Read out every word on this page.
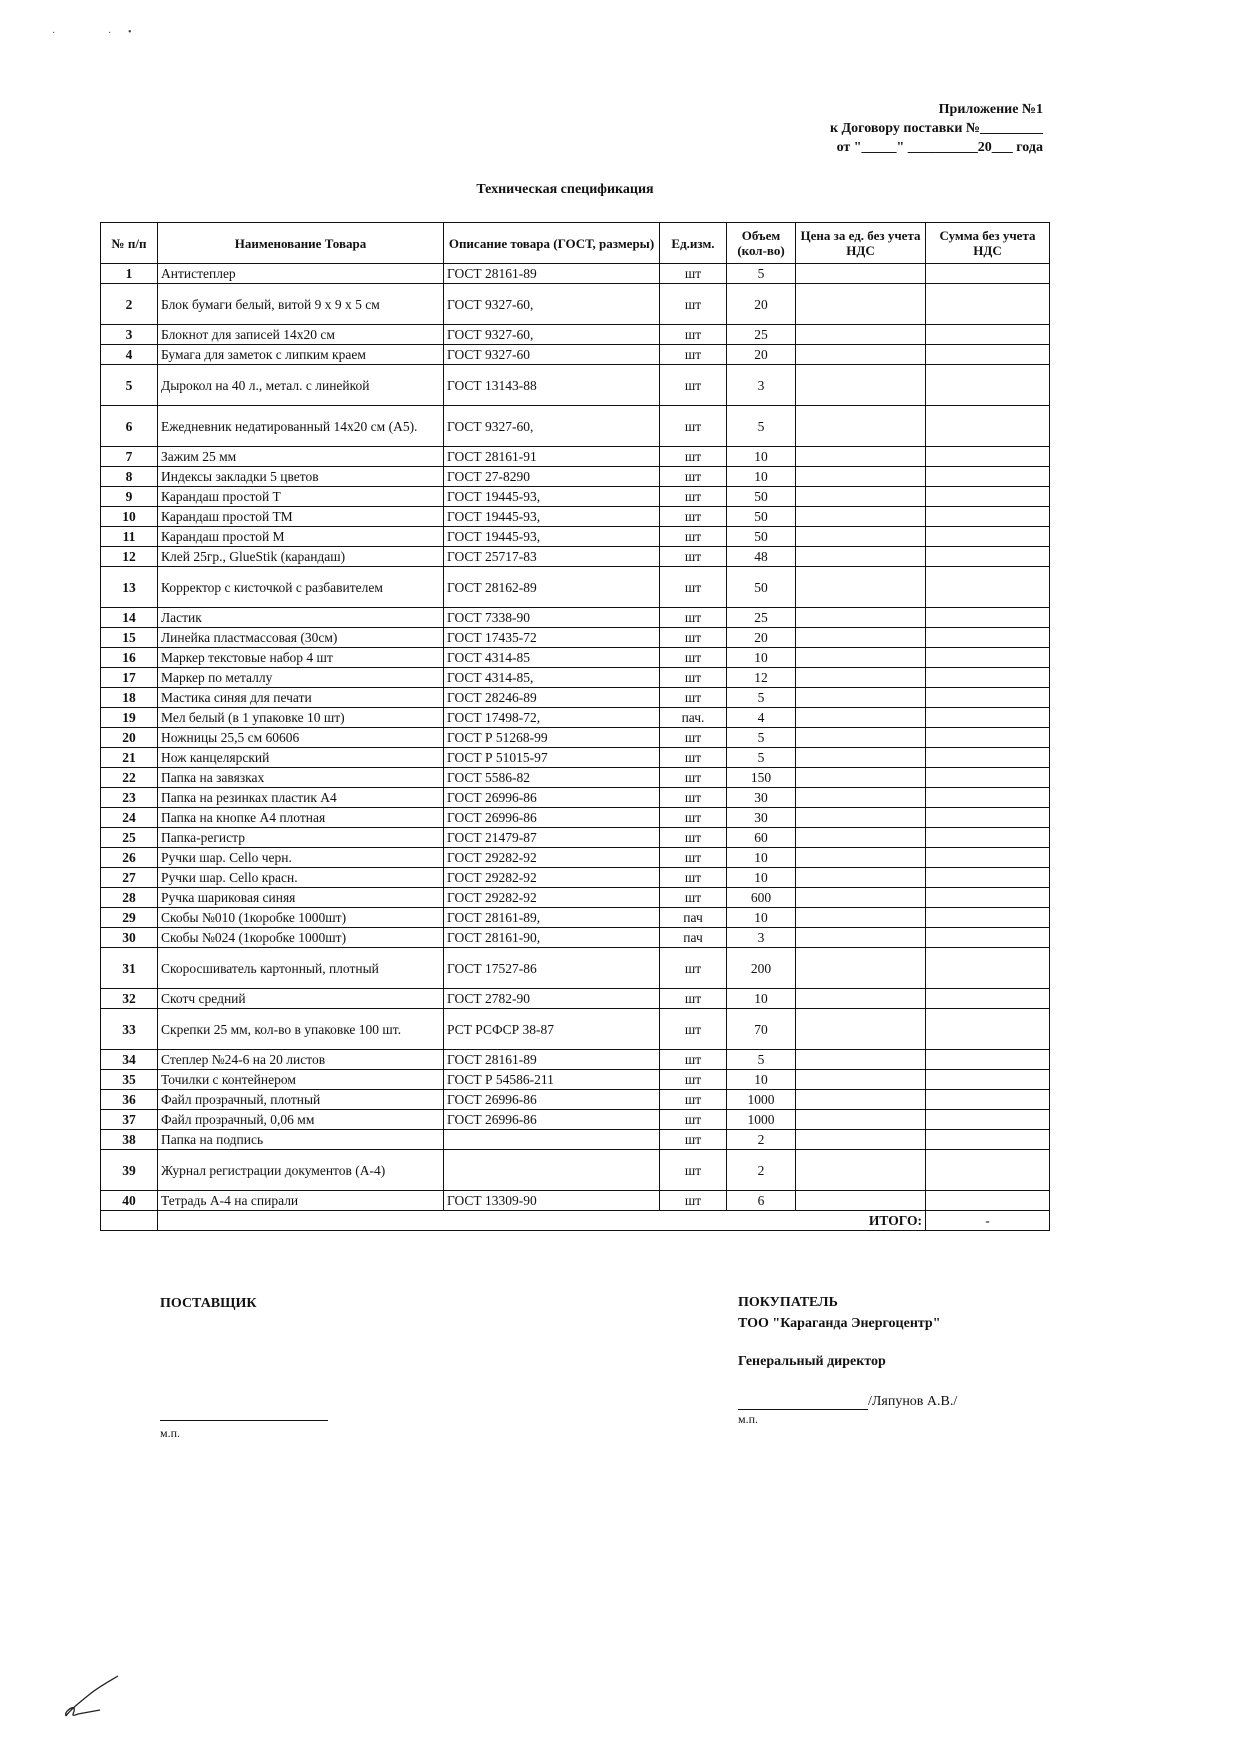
Приложение №1
к Договору поставки №_________
от "_____" __________20___ года
Техническая спецификация
№ п/п	Наименование Товара	Описание товара (ГОСТ, размеры)	Ед.изм.	Объем (кол-во)	Цена за ед. без учета НДС	Сумма без учета НДС
1	Антистеплер	ГОСТ 28161-89	шт	5		
2	Блок бумаги белый, витой 9 х 9 х 5 см	ГОСТ 9327-60,	шт	20		
3	Блокнот для записей 14х20 см	ГОСТ 9327-60,	шт	25		
4	Бумага для заметок с липким краем	ГОСТ 9327-60	шт	20		
5	Дырокол на 40 л., метал. с линейкой	ГОСТ 13143-88	шт	3		
6	Ежедневник недатированный 14х20 см (А5).	ГОСТ 9327-60,	шт	5		
7	Зажим 25 мм	ГОСТ 28161-91	шт	10		
8	Индексы закладки 5 цветов	ГОСТ 27-8290	шт	10		
9	Карандаш простой Т	ГОСТ 19445-93,	шт	50		
10	Карандаш простой ТМ	ГОСТ 19445-93,	шт	50		
11	Карандаш простой М	ГОСТ 19445-93,	шт	50		
12	Клей 25гр., GlueStik (карандаш)	ГОСТ 25717-83	шт	48		
13	Корректор с кисточкой с разбавителем	ГОСТ 28162-89	шт	50		
14	Ластик	ГОСТ 7338-90	шт	25		
15	Линейка пластмассовая (30см)	ГОСТ 17435-72	шт	20		
16	Маркер текстовые набор 4 шт	ГОСТ 4314-85	шт	10		
17	Маркер по металлу	ГОСТ 4314-85,	шт	12		
18	Мастика синяя для печати	ГОСТ 28246-89	шт	5		
19	Мел белый (в 1 упаковке 10 шт)	ГОСТ 17498-72,	пач.	4		
20	Ножницы 25,5 см 60606	ГОСТ Р 51268-99	шт	5		
21	Нож канцелярский	ГОСТ Р 51015-97	шт	5		
22	Папка на завязках	ГОСТ 5586-82	шт	150		
23	Папка на резинках пластик А4	ГОСТ 26996-86	шт	30		
24	Папка на кнопке А4 плотная	ГОСТ 26996-86	шт	30		
25	Папка-регистр	ГОСТ 21479-87	шт	60		
26	Ручки шар. Cello черн.	ГОСТ 29282-92	шт	10		
27	Ручки шар. Cello красн.	ГОСТ 29282-92	шт	10		
28	Ручка шариковая синяя	ГОСТ 29282-92	шт	600		
29	Скобы №010 (1коробке 1000шт)	ГОСТ 28161-89,	пач	10		
30	Скобы №024 (1коробке 1000шт)	ГОСТ 28161-90,	пач	3		
31	Скоросшиватель картонный, плотный	ГОСТ 17527-86	шт	200		
32	Скотч средний	ГОСТ 2782-90	шт	10		
33	Скрепки 25 мм, кол-во в упаковке 100 шт.	РСТ РСФСР 38-87	шт	70		
34	Степлер №24-6 на 20 листов	ГОСТ 28161-89	шт	5		
35	Точилки с контейнером	ГОСТ Р 54586-211	шт	10		
36	Файл прозрачный, плотный	ГОСТ 26996-86	шт	1000		
37	Файл прозрачный, 0,06 мм	ГОСТ 26996-86	шт	1000		
38	Папка на подпись		шт	2		
39	Журнал регистрации документов (А-4)		шт	2		
40	Тетрадь А-4 на спирали	ГОСТ 13309-90	шт	6		
	ИТОГО:					-
ПОСТАВЩИК
м.п.
ПОКУПАТЕЛЬ
ТОО "Караганда Энергоцентр"
Генеральный директор
/Ляпунов А.В./
м.п.
·	· •
